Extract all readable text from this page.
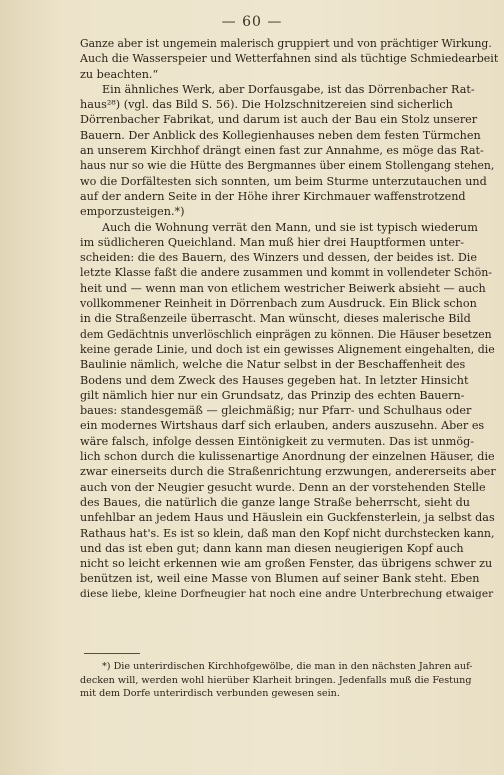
— 60 —

Ganze aber ist ungemein malerisch gruppiert und von prächtiger Wirkung.
Auch die Wasserspeier und Wetterfahnen sind als tüchtige Schmiedearbeit
zu beachten.“

Ein ähnliches Werk, aber Dorfausgabe, ist das Dörrenbacher Rat-
haus²⁸) (vgl. das Bild S. 56). Die Holzschnitzereien sind sicherlich
Dörrenbacher Fabrikat, und darum ist auch der Bau ein Stolz unserer
Bauern. Der Anblick des Kollegienhauses neben dem festen Türmchen
an unserem Kirchhof drängt einen fast zur Annahme, es möge das Rat-
haus nur so wie die Hütte des Bergmannes über einem Stollengang stehen,
wo die Dorfältesten sich sonnten, um beim Sturme unterzutauchen und
auf der andern Seite in der Höhe ihrer Kirchmauer waffenstrotzend
emporzusteigen.*)

Auch die Wohnung verrät den Mann, und sie ist typisch wiederum
im südlicheren Queichland. Man muß hier drei Hauptformen unter-
scheiden: die des Bauern, des Winzers und dessen, der beides ist. Die
letzte Klasse faßt die andere zusammen und kommt in vollendeter Schön-
heit und — wenn man von etlichem westricher Beiwerk absieht — auch
vollkommener Reinheit in Dörrenbach zum Ausdruck. Ein Blick schon
in die Straßenzeile überrascht. Man wünscht, dieses malerische Bild
dem Gedächtnis unverlöschlich einprägen zu können. Die Häuser besetzen
keine gerade Linie, und doch ist ein gewisses Alignement eingehalten, die
Baulinie nämlich, welche die Natur selbst in der Beschaffenheit des
Bodens und dem Zweck des Hauses gegeben hat. In letzter Hinsicht
gilt nämlich hier nur ein Grundsatz, das Prinzip des echten Bauern-
baues: standesgemäß — gleichmäßig; nur Pfarr- und Schulhaus oder
ein modernes Wirtshaus darf sich erlauben, anders auszusehn. Aber es
wäre falsch, infolge dessen Eintönigkeit zu vermuten. Das ist unmög-
lich schon durch die kulissenartige Anordnung der einzelnen Häuser, die
zwar einerseits durch die Straßenrichtung erzwungen, andererseits aber
auch von der Neugier gesucht wurde. Denn an der vorstehenden Stelle
des Baues, die natürlich die ganze lange Straße beherrscht, sieht du
unfehlbar an jedem Haus und Häuslein ein Guckfensterlein, ja selbst das
Rathaus hat's. Es ist so klein, daß man den Kopf nicht durchstecken kann,
und das ist eben gut; dann kann man diesen neugierigen Kopf auch
nicht so leicht erkennen wie am großen Fenster, das übrigens schwer zu
benützen ist, weil eine Masse von Blumen auf seiner Bank steht. Eben
diese liebe, kleine Dorfneugier hat noch eine andre Unterbrechung etwaiger

*) Die unterirdischen Kirchhofgewölbe, die man in den nächsten Jahren auf-
decken will, werden wohl hierüber Klarheit bringen. Jedenfalls muß die Festung
mit dem Dorfe unterirdisch verbunden gewesen sein.
